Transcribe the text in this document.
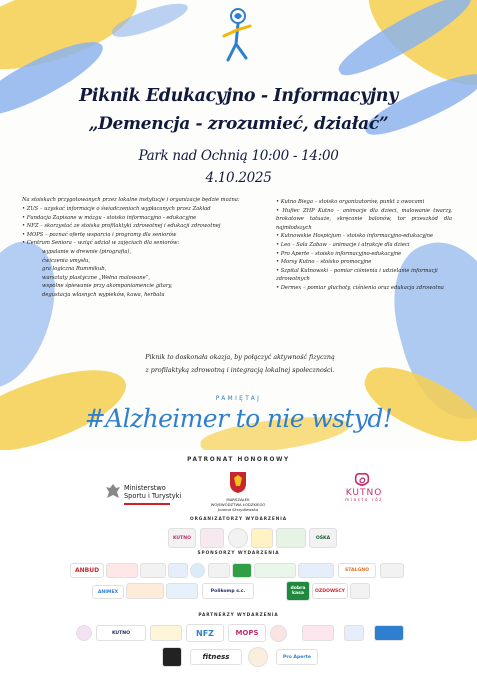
Piknik Edukacyjno - Informacyjny
„Demencja - zrozumieć, działać”
Park nad Ochnią 10:00 - 14:00
4.10.2025
Na stoiskach przygotowanych przez lokalne instytucje i organizacje będzie można:
• ZUS – uzyskać informacje o świadczeniach wypłacanych przez Zakład
• Fundacja Zapisane w mózgu - stoisko informacyjno - edukacyjne
• NFZ – skorzystać ze stoiska profilaktyki zdrowotnej i edukacji zdrowotnej
• MOPS – poznać ofertę wsparcia i programy dla seniorów
• Centrum Seniora – wziąć udział w zajęciach dla seniorów:
wypalanie w drewnie (pirografia),
ćwiczenia umysłu,
gra logiczna Rummikub,
warsztaty plastyczne „Wełna malowane”,
wspólne śpiewanie przy akompaniamencie gitary,
degustacja własnych wypieków, kawa, herbata
• Kutno Biega – stoisko organizatorów, punkt z owocami
• Hufiec ZHP Kutno – animacje dla dzieci, malowanie twarzy, brokatowe tatuaże, skręcanie balonów, tor przeszkód dla najmłodszych
• Kutnowskie Hospicjum – stoisko informacyjno-edukacyjne
• Leo – Sala Zabaw – animacje i atrakcje dla dzieci
• Pro Aperte – stoisko informacyjno-edukacyjne
• Morsy Kutno – stoisko promocyjne
• Szpital Kutnowski – pomiar ciśnienia i udzielanie informacji zdrowotnych
• Dermex – pomiar głuchoty, ciśnienia oraz edukacja zdrowotna
Piknik to doskonała okazja, by połączyć aktywność fizyczną
z profilaktyką zdrowotną i integracją lokalnej społeczności.
PAMIĘTAJ
#Alzheimer to nie wstyd!
PATRONAT HONOROWY
Ministerstwo
Sportu i Turystyki	MARSZAŁEK
WOJEWÓDZTWA ŁÓDZKIEGO
Joanna Skrzydlewska
KUTNO
miasto róż
ORGANIZATORZY WYDARZENIA
KUTNO	OŚKA
SPONSORZY WYDARZENIA
ANBUD	STALGNO
ANIMEX	Polikomp s.c.	dobra kasa	OZDOWSCY
PARTNERZY WYDARZENIA
KUTNO	NFZ	MOPS
fitness	Pro Aperte
